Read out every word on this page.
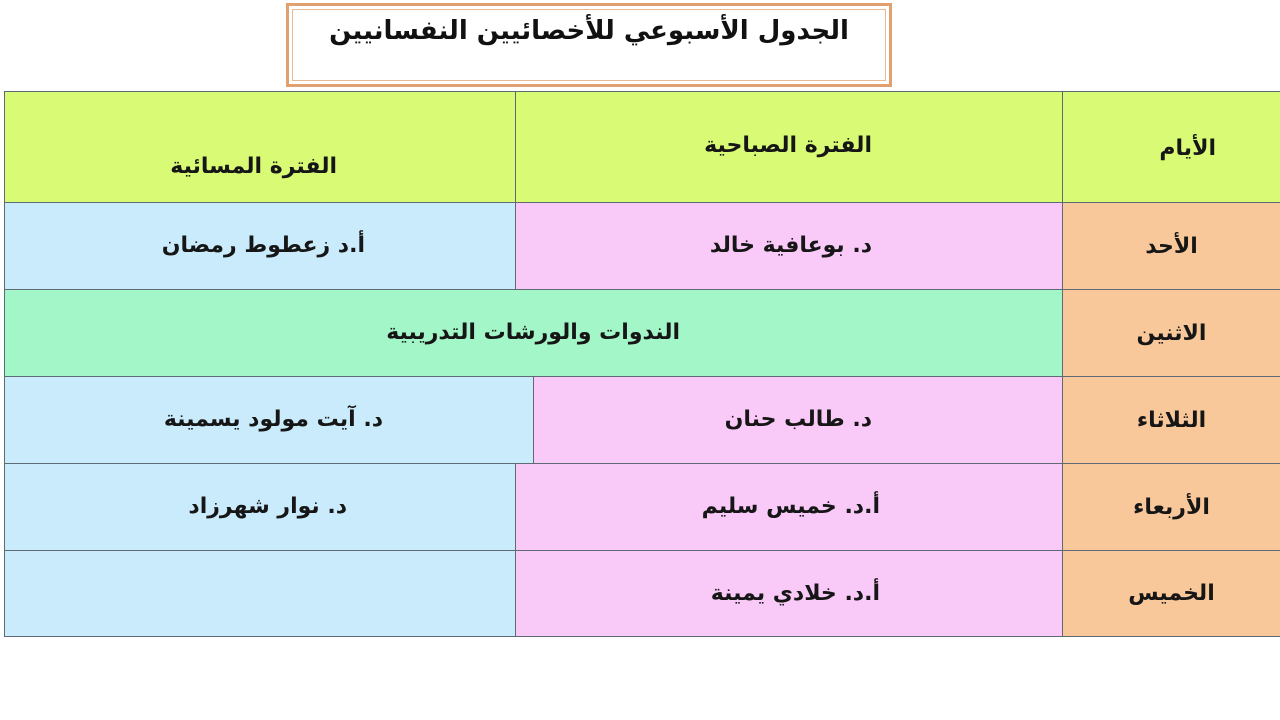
الجدول الأسبوعي للأخصائيين النفسانيين
الأيام
الفترة الصباحية
الفترة المسائية
الأحد
د. بوعافية خالد
أ.د زعطوط رمضان
الاثنين
الندوات والورشات التدريبية
الثلاثاء
د. طالب حنان
د. آيت مولود يسمينة
الأربعاء
أ.د. خميس سليم
د. نوار شهرزاد
الخميس
أ.د. خلادي يمينة
